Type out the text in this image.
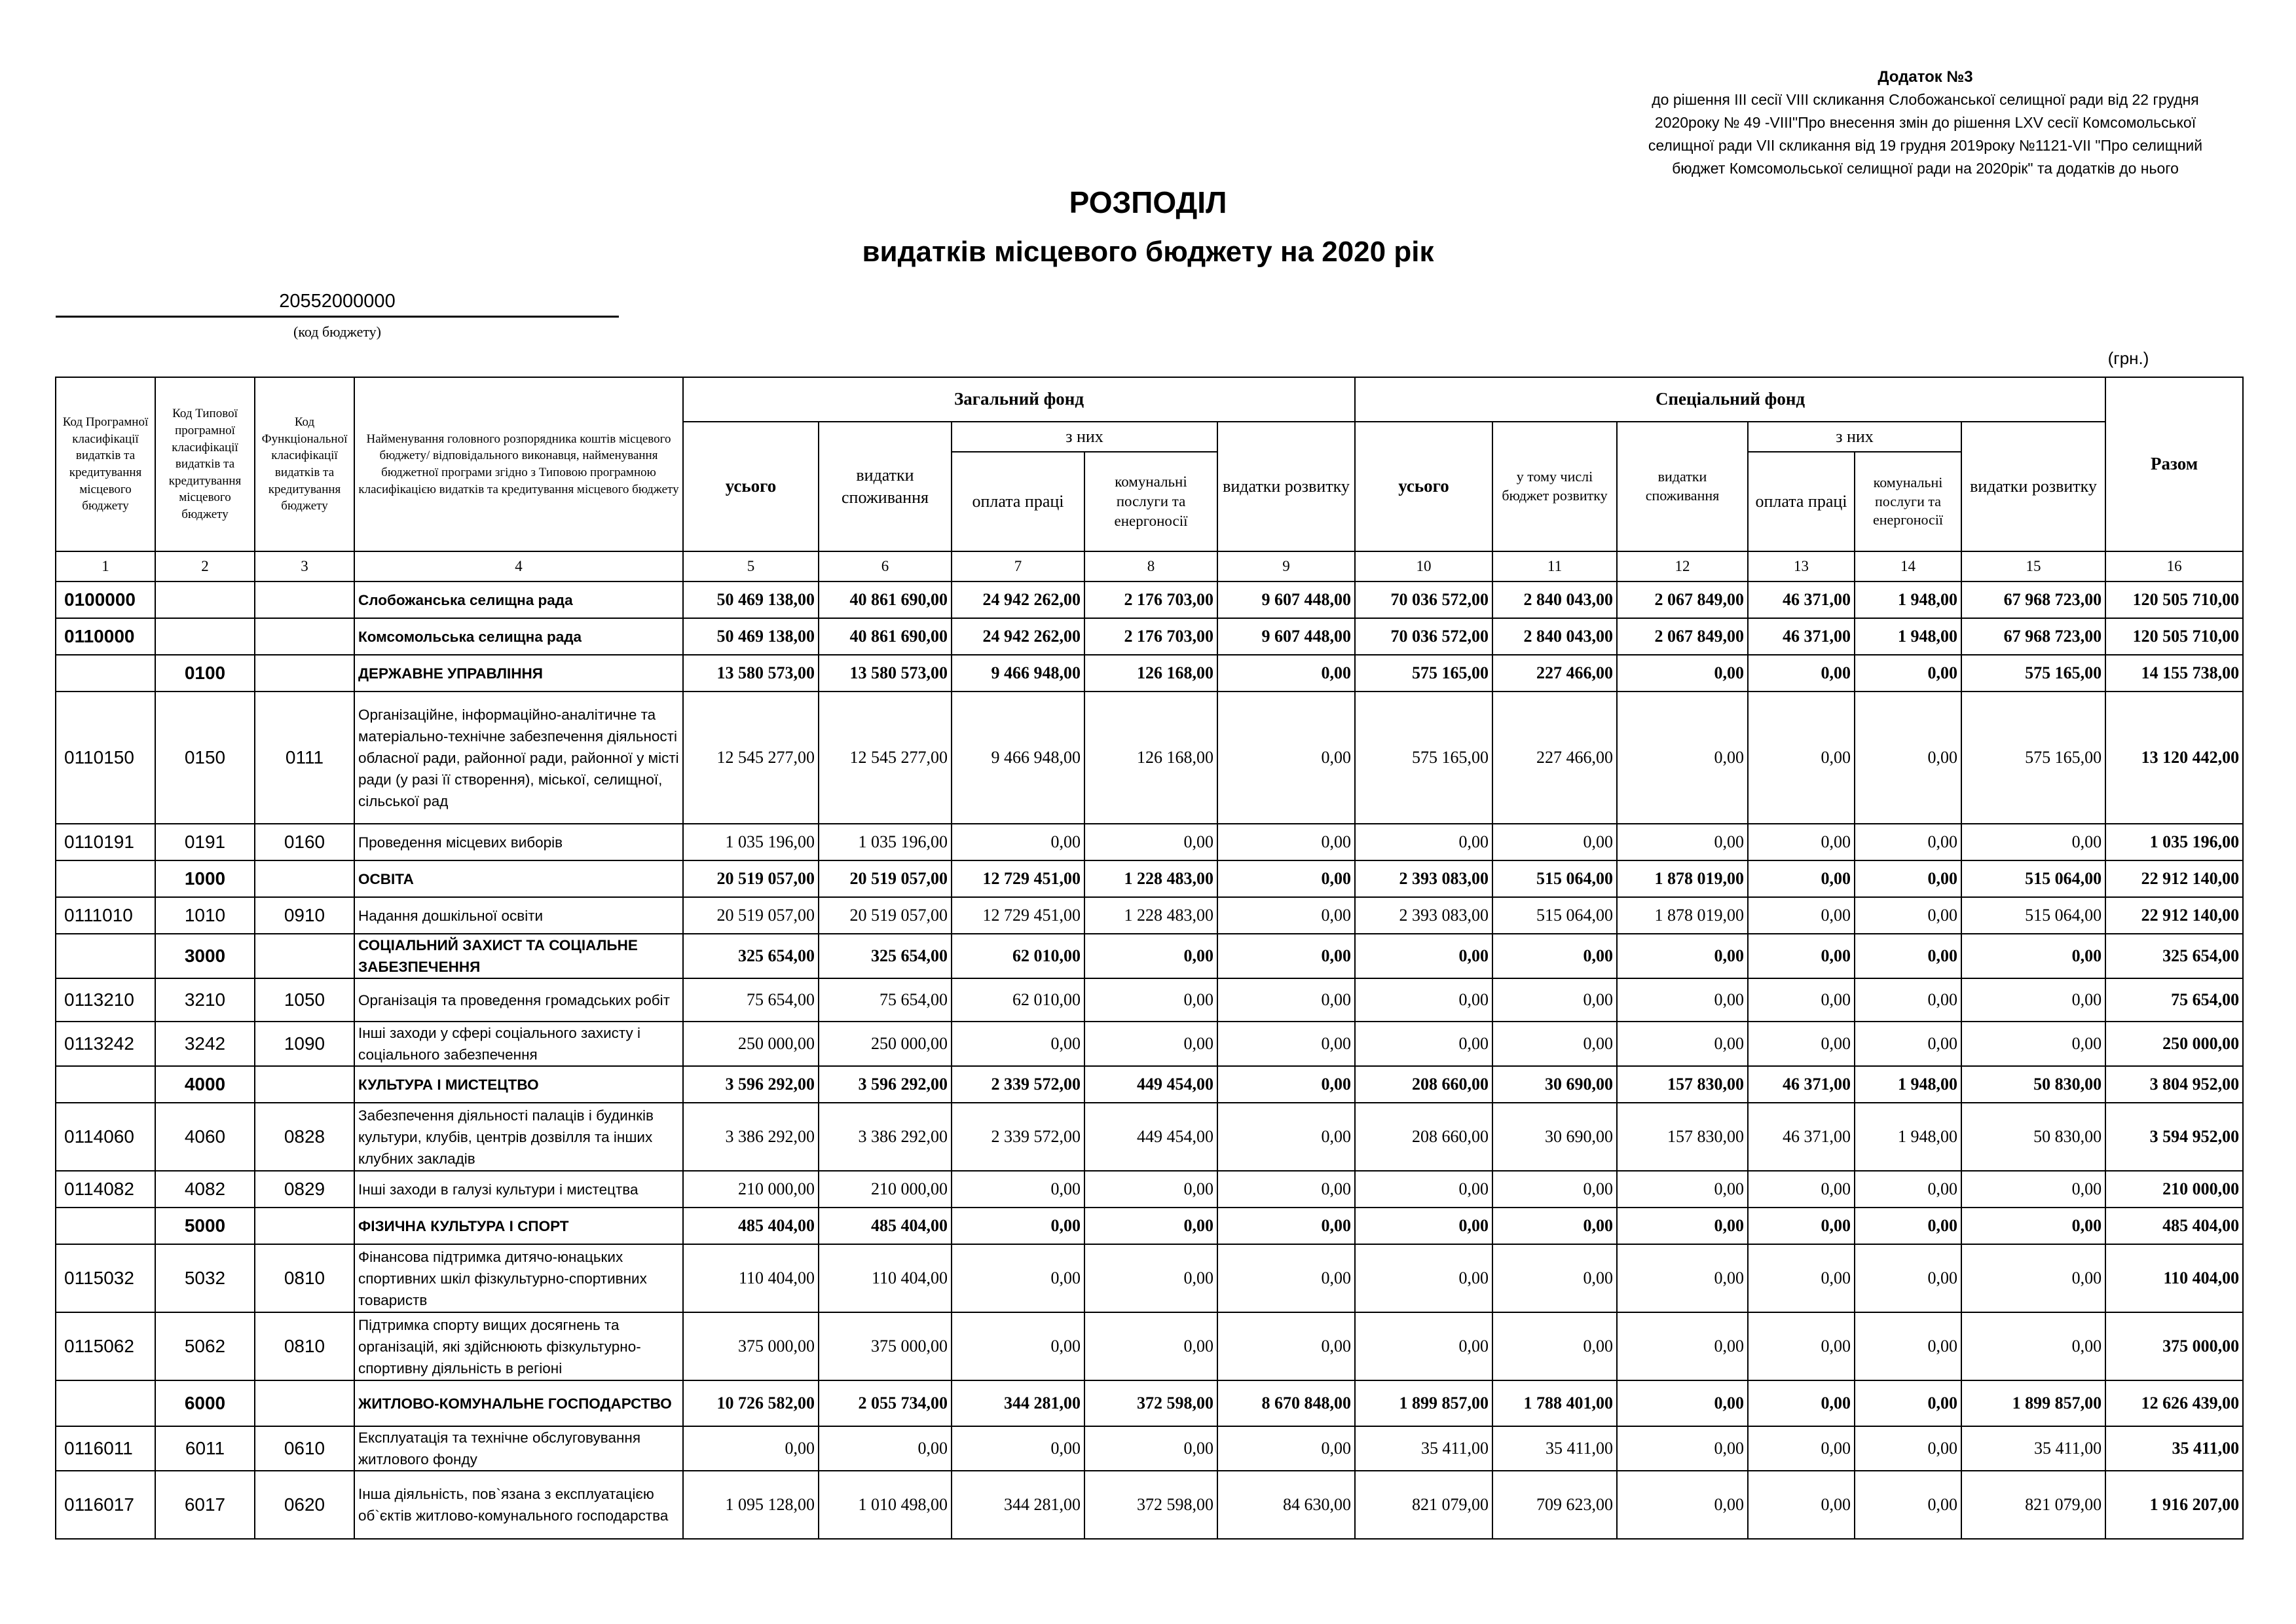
Додаток №3
до рішення ІІІ сесії VІІІ скликання Слобожанської селищної ради від 22 грудня
2020року № 49 -VІІІ"Про внесення змін до рішення LXV сесії Комсомольської
селищної ради VІІ скликання від 19 грудня 2019року №1121-VІІ "Про селищний
бюджет Комсомольської селищної ради на 2020рік" та додатків до нього
РОЗПОДІЛ
видатків місцевого бюджету на 2020 рік
20552000000
(код бюджету)
(грн.)
Код Програмної класифікації видатків та кредитування місцевого бюджету	Код Типової програмної класифікації видатків та кредитування місцевого бюджету	Код Функціональної класифікації видатків та кредитування бюджету	Найменування головного розпорядника коштів місцевого бюджету/ відповідального виконавця, найменування бюджетної програми згідно з Типовою програмною класифікацією видатків та кредитування місцевого бюджету	Загальний фонд					Спеціальний фонд						Разом
				усього	видатки споживання	з них		видатки розвитку	усього	у тому числі бюджет розвитку	видатки споживання	з них		видатки розвитку	
						оплата праці	комунальні послуги та енергоносії					оплата праці	комунальні послуги та енергоносії		
1	2	3	4	5	6	7	8	9	10	11	12	13	14	15	16
0100000			Слобожанська селищна рада	50 469 138,00	40 861 690,00	24 942 262,00	2 176 703,00	9 607 448,00	70 036 572,00	2 840 043,00	2 067 849,00	46 371,00	1 948,00	67 968 723,00	120 505 710,00
0110000			Комсомольська селищна рада	50 469 138,00	40 861 690,00	24 942 262,00	2 176 703,00	9 607 448,00	70 036 572,00	2 840 043,00	2 067 849,00	46 371,00	1 948,00	67 968 723,00	120 505 710,00
	0100		ДЕРЖАВНЕ УПРАВЛІННЯ	13 580 573,00	13 580 573,00	9 466 948,00	126 168,00	0,00	575 165,00	227 466,00	0,00	0,00	0,00	575 165,00	14 155 738,00
0110150	0150	0111	Організаційне, інформаційно-аналітичне та матеріально-технічне забезпечення діяльності обласної ради, районної ради, районної у місті ради (у разі її створення), міської, селищної, сільської рад	12 545 277,00	12 545 277,00	9 466 948,00	126 168,00	0,00	575 165,00	227 466,00	0,00	0,00	0,00	575 165,00	13 120 442,00
0110191	0191	0160	Проведення місцевих виборів	1 035 196,00	1 035 196,00	0,00	0,00	0,00	0,00	0,00	0,00	0,00	0,00	0,00	1 035 196,00
	1000		ОСВІТА	20 519 057,00	20 519 057,00	12 729 451,00	1 228 483,00	0,00	2 393 083,00	515 064,00	1 878 019,00	0,00	0,00	515 064,00	22 912 140,00
0111010	1010	0910	Надання дошкільної освіти	20 519 057,00	20 519 057,00	12 729 451,00	1 228 483,00	0,00	2 393 083,00	515 064,00	1 878 019,00	0,00	0,00	515 064,00	22 912 140,00
	3000		СОЦІАЛЬНИЙ ЗАХИСТ ТА СОЦІАЛЬНЕ ЗАБЕЗПЕЧЕННЯ	325 654,00	325 654,00	62 010,00	0,00	0,00	0,00	0,00	0,00	0,00	0,00	0,00	325 654,00
0113210	3210	1050	Організація та проведення громадських робіт	75 654,00	75 654,00	62 010,00	0,00	0,00	0,00	0,00	0,00	0,00	0,00	0,00	75 654,00
0113242	3242	1090	Інші заходи у сфері соціального захисту і соціального забезпечення	250 000,00	250 000,00	0,00	0,00	0,00	0,00	0,00	0,00	0,00	0,00	0,00	250 000,00
	4000		КУЛЬТУРА І МИСТЕЦТВО	3 596 292,00	3 596 292,00	2 339 572,00	449 454,00	0,00	208 660,00	30 690,00	157 830,00	46 371,00	1 948,00	50 830,00	3 804 952,00
0114060	4060	0828	Забезпечення діяльності палаців і будинків культури, клубів, центрів дозвілля та інших клубних закладів	3 386 292,00	3 386 292,00	2 339 572,00	449 454,00	0,00	208 660,00	30 690,00	157 830,00	46 371,00	1 948,00	50 830,00	3 594 952,00
0114082	4082	0829	Інші заходи в галузі культури і мистецтва	210 000,00	210 000,00	0,00	0,00	0,00	0,00	0,00	0,00	0,00	0,00	0,00	210 000,00
	5000		ФІЗИЧНА КУЛЬТУРА І СПОРТ	485 404,00	485 404,00	0,00	0,00	0,00	0,00	0,00	0,00	0,00	0,00	0,00	485 404,00
0115032	5032	0810	Фінансова підтримка дитячо-юнацьких спортивних шкіл фізкультурно-спортивних товариств	110 404,00	110 404,00	0,00	0,00	0,00	0,00	0,00	0,00	0,00	0,00	0,00	110 404,00
0115062	5062	0810	Підтримка спорту вищих досягнень та організацій, які здійснюють фізкультурно-спортивну діяльність в регіоні	375 000,00	375 000,00	0,00	0,00	0,00	0,00	0,00	0,00	0,00	0,00	0,00	375 000,00
	6000		ЖИТЛОВО-КОМУНАЛЬНЕ ГОСПОДАРСТВО	10 726 582,00	2 055 734,00	344 281,00	372 598,00	8 670 848,00	1 899 857,00	1 788 401,00	0,00	0,00	0,00	1 899 857,00	12 626 439,00
0116011	6011	0610	Експлуатація та технічне обслуговування житлового фонду	0,00	0,00	0,00	0,00	0,00	35 411,00	35 411,00	0,00	0,00	0,00	35 411,00	35 411,00
0116017	6017	0620	Інша діяльність, пов`язана з експлуатацією об`єктів житлово-комунального господарства	1 095 128,00	1 010 498,00	344 281,00	372 598,00	84 630,00	821 079,00	709 623,00	0,00	0,00	0,00	821 079,00	1 916 207,00
